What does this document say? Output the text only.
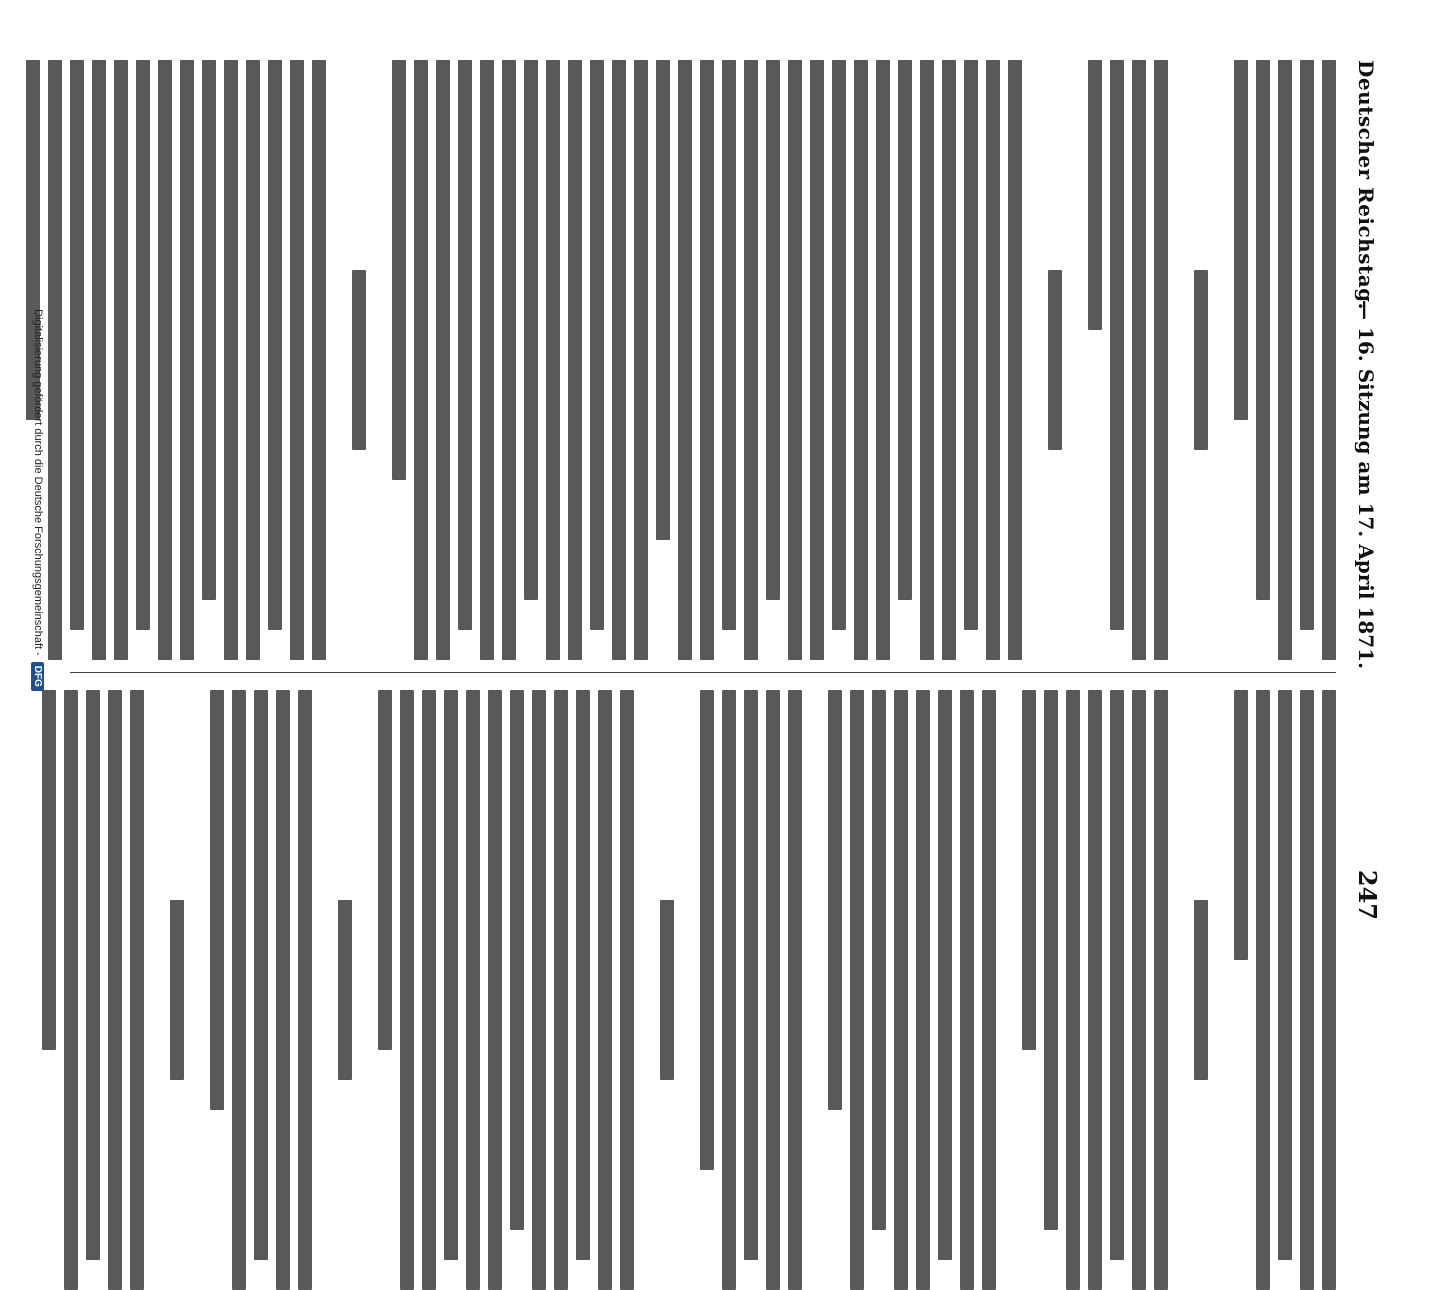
Deutscher Reichstag.
— 16. Sitzung am 17. April 1871.
247
Digitalisierung gefördert durch die Deutsche Forschungsgemeinschaft -DFG
